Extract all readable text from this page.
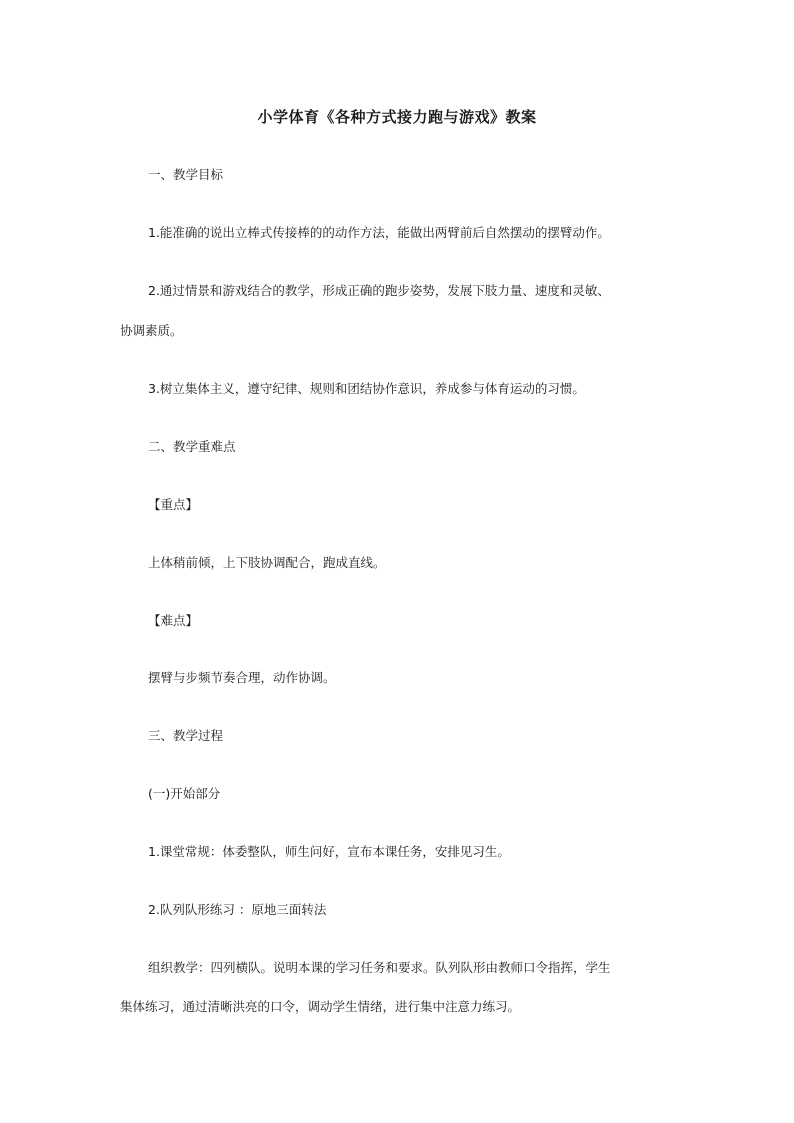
小学体育《各种方式接力跑与游戏》教案

一、教学目标

1.能准确的说出立棒式传接棒的的动作方法，能做出两臂前后自然摆动的摆臂动作。

2.通过情景和游戏结合的教学，形成正确的跑步姿势，发展下肢力量、速度和灵敏、

协调素质。

3.树立集体主义，遵守纪律、规则和团结协作意识，养成参与体育运动的习惯。

二、教学重难点

【重点】

上体稍前倾，上下肢协调配合，跑成直线。

【难点】

摆臂与步频节奏合理，动作协调。

三、教学过程

(一)开始部分

1.课堂常规：体委整队，师生问好，宣布本课任务，安排见习生。

2.队列队形练习 ：原地三面转法

组织教学：四列横队。说明本课的学习任务和要求。队列队形由教师口令指挥，学生

集体练习，通过清晰洪亮的口令，调动学生情绪，进行集中注意力练习。
